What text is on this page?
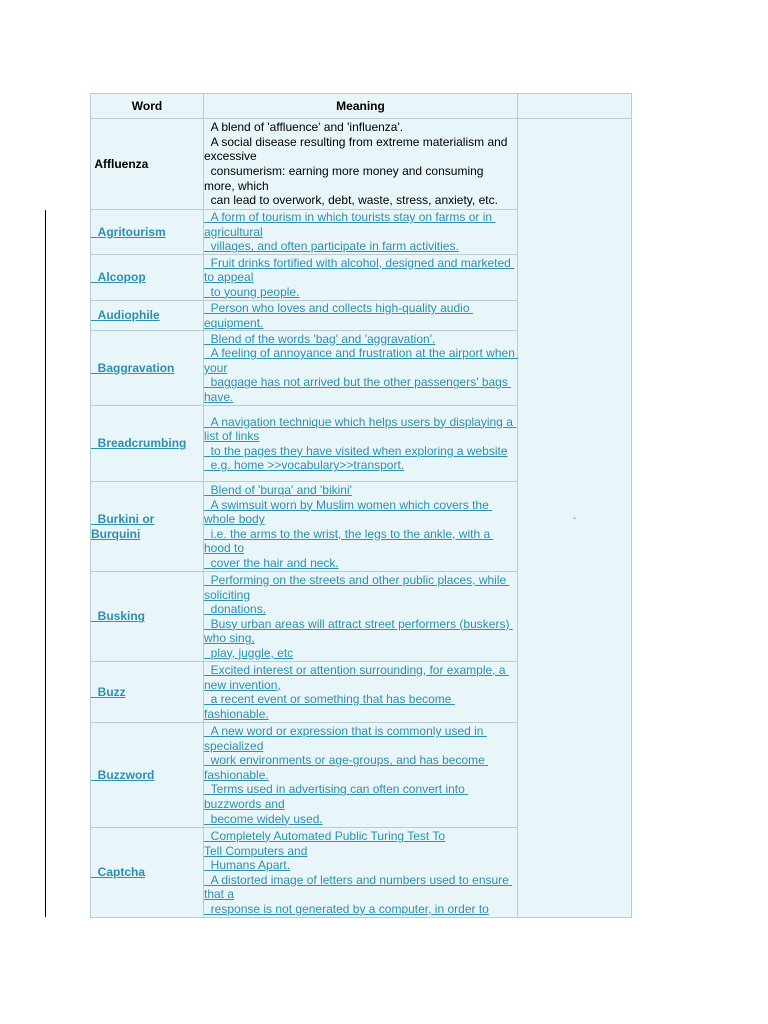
Word	Meaning	
Affluenza	A blend of 'affluence' and 'influenza'.
A social disease resulting from extreme materialism and excessive
consumerism: earning more money and consuming more, which
can lead to overwork, debt, waste, stress, anxiety, etc.	-
Agritourism	A form of tourism in which tourists stay on farms or in agricultural
villages, and often participate in farm activities.	
Alcopop	Fruit drinks fortified with alcohol, designed and marketed to appeal
to young people.	
Audiophile	Person who loves and collects high-quality audio equipment.	
Baggravation	Blend of the words 'bag' and 'aggravation'.
A feeling of annoyance and frustration at the airport when your
baggage has not arrived but the other passengers' bags have.	
Breadcrumbing	A navigation technique which helps users by displaying a list of links
to the pages they have visited when exploring a website
e.g. home >>vocabulary>>transport.	
Burkini or
Burquini	Blend of 'burqa' and 'bikini'
A swimsuit worn by Muslim women which covers the whole body
i.e. the arms to the wrist, the legs to the ankle, with a hood to
cover the hair and neck.	
Busking	Performing on the streets and other public places, while soliciting
donations.
Busy urban areas will attract street performers (buskers) who sing,
play, juggle, etc	
Buzz	Excited interest or attention surrounding, for example, a new invention,
a recent event or something that has become fashionable.	
Buzzword	A new word or expression that is commonly used in specialized
work environments or age-groups, and has become fashionable.
Terms used in advertising can often convert into buzzwords and
become widely used.	
Captcha	Completely Automated Public Turing Test To
Tell Computers and
Humans Apart.
A distorted image of letters and numbers used to ensure that a
response is not generated by a computer, in order to	
